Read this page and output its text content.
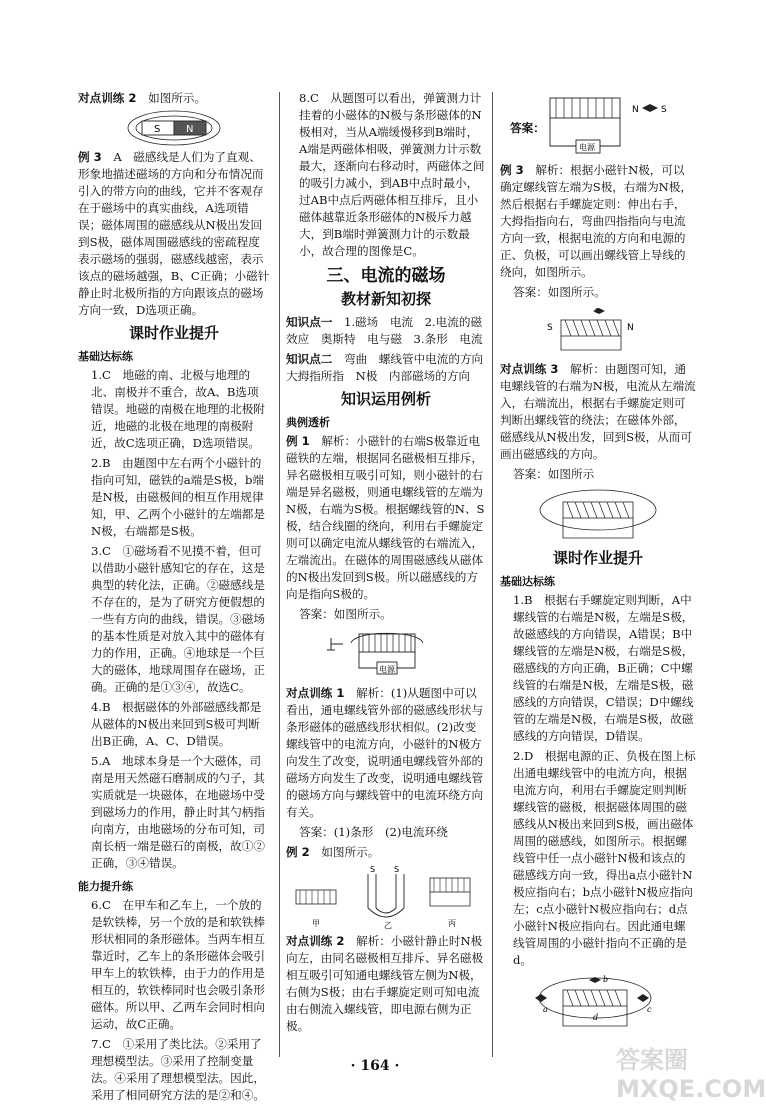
对点训练 2　 如图所示。

S	N

例 3　 A　磁感线是人们为了直观、形象地描述磁场的方向和分布情况而引入的带方向的曲线，它并不客观存在于磁场中的真实曲线，A选项错误；磁体周围的磁感线从N极出发回到S极，磁体周围磁感线的密疏程度表示磁场的强弱，磁感线越密，表示该点的磁场越强，B、C正确；小磁针静止时北极所指的方向跟该点的磁场方向一致，D选项正确。

课时作业提升

基础达标练

1.C　地磁的南、北极与地理的北、南极并不重合，故A、B选项错误。地磁的南极在地理的北极附近，地磁的北极在地理的南极附近，故C选项正确，D选项错误。

2.B　由题图中左右两个小磁针的指向可知，磁铁的a端是S极，b端是N极，由磁极间的相互作用规律知，甲、乙两个小磁针的左端都是N极，右端都是S极。

3.C　①磁场看不见摸不着，但可以借助小磁针感知它的存在，这是典型的转化法，正确。②磁感线是不存在的，是为了研究方便假想的一些有方向的曲线，错误。③磁场的基本性质是对放入其中的磁体有力的作用，正确。④地球是一个巨大的磁体，地球周围存在磁场，正确。正确的是①③④，故选C。

4.B　根据磁体的外部磁感线都是从磁体的N极出来回到S极可判断出B正确，A、C、D错误。

5.A　地球本身是一个大磁体，司南是用天然磁石磨制成的勺子，其实质就是一块磁体，在地磁场中受到磁场力的作用，静止时其勺柄指向南方，由地磁场的分布可知，司南长柄一端是磁石的南极，故①②正确，③④错误。

能力提升练

6.C　在甲车和乙车上，一个放的是软铁棒，另一个放的是和软铁棒形状相同的条形磁体。当两车相互靠近时，乙车上的条形磁体会吸引甲车上的软铁棒，由于力的作用是相互的，软铁棒同时也会吸引条形磁体。所以甲、乙两车会同时相向运动，故C正确。

7.C　①采用了类比法。②采用了理想模型法。③采用了控制变量法。④采用了理想模型法。因此，采用了相同研究方法的是②和④。

8.C　从题图可以看出，弹簧测力计挂着的小磁体的N极与条形磁体的N极相对，当从A端缓慢移到B端时，A端是两磁体相吸，弹簧测力计示数最大，逐渐向右移动时，两磁体之间的吸引力减小，到AB中点时最小，过AB中点后两磁体相互排斥，且小磁体越靠近条形磁体的N极斥力越大，到B端时弹簧测力计的示数最小，故合理的图像是C。

三、电流的磁场
教材新知初探

知识点一　 1.磁场　电流　2.电流的磁效应　奥斯特　电与磁　3.条形　电流

知识点二　 弯曲　螺线管中电流的方向　大拇指所指　N极　内部磁场的方向

知识运用例析

典例透析

例 1　 解析：小磁针的右端S极靠近电磁铁的左端，根据同名磁极相互排斥，异名磁极相互吸引可知，则小磁针的右端是异名磁极，则通电螺线管的左端为N极，右端为S极。根据螺线管的N、S极，结合线圈的绕向，利用右手螺旋定则可以确定电流从螺线管的右端流入，左端流出。在磁体的周围磁感线从磁体的N极出发回到S极。所以磁感线的方向是指向S极的。

答案：如图所示。

电源

对点训练 1　 解析：(1)从题图中可以看出，通电螺线管外部的磁感线形状与条形磁体的磁感线形状相似。(2)改变螺线管中的电流方向，小磁针的N极方向发生了改变，说明通电螺线管外部的磁场方向发生了改变，说明通电螺线管的磁场方向与螺线管中的电流环绕方向有关。

答案：(1)条形　(2)电流环绕

例 2　 如图所示。

S S
甲	乙	丙

对点训练 2　 解析：小磁针静止时N极向左，由同名磁极相互排斥、异名磁极相互吸引可知通电螺线管左侧为N极，右侧为S极；由右手螺旋定则可知电流由右侧流入螺线管，即电源右侧为正极。

答案：
电源
N S

例 3　 解析：根据小磁针N极，可以确定螺线管左端为S极，右端为N极，然后根据右手螺旋定则：伸出右手，大拇指指向右，弯曲四指指向与电流方向一致，根据电流的方向和电源的正、负极，可以画出螺线管上导线的绕向，如图所示。

答案：如图所示。

S	N

对点训练 3　 解析：由题图可知，通电螺线管的右端为N极，电流从左端流入，右端流出，根据右手螺旋定则可判断出螺线管的绕法；在磁体外部，磁感线从N极出发，回到S极，从而可画出磁感线的方向。

答案：如图所示

课时作业提升

基础达标练

1.B　根据右手螺旋定则判断，A中螺线管的右端是N极，左端是S极，故磁感线的方向错误，A错误；B中螺线管的左端是N极，右端是S极，磁感线的方向正确，B正确；C中螺线管的右端是N极，左端是S极，磁感线的方向错误，C错误；D中螺线管的左端是N极，右端是S极，故磁感线的方向错误，D错误。

2.D　根据电源的正、负极在图上标出通电螺线管中的电流方向，根据电流方向，利用右手螺旋定则判断螺线管的磁极，根据磁体周围的磁感线从N极出来回到S极，画出磁体周围的磁感线，如图所示。根据螺线管中任一点小磁针N极和该点的磁感线方向一致，得出a点小磁针N极应指向右；b点小磁针N极应指向左；c点小磁针N极应指向右；d点小磁针N极应指向右。因此通电螺线管周围的小磁针指向不正确的是d。

a
b
c
d
· 164 ·	答案圈 MXQE.COM
